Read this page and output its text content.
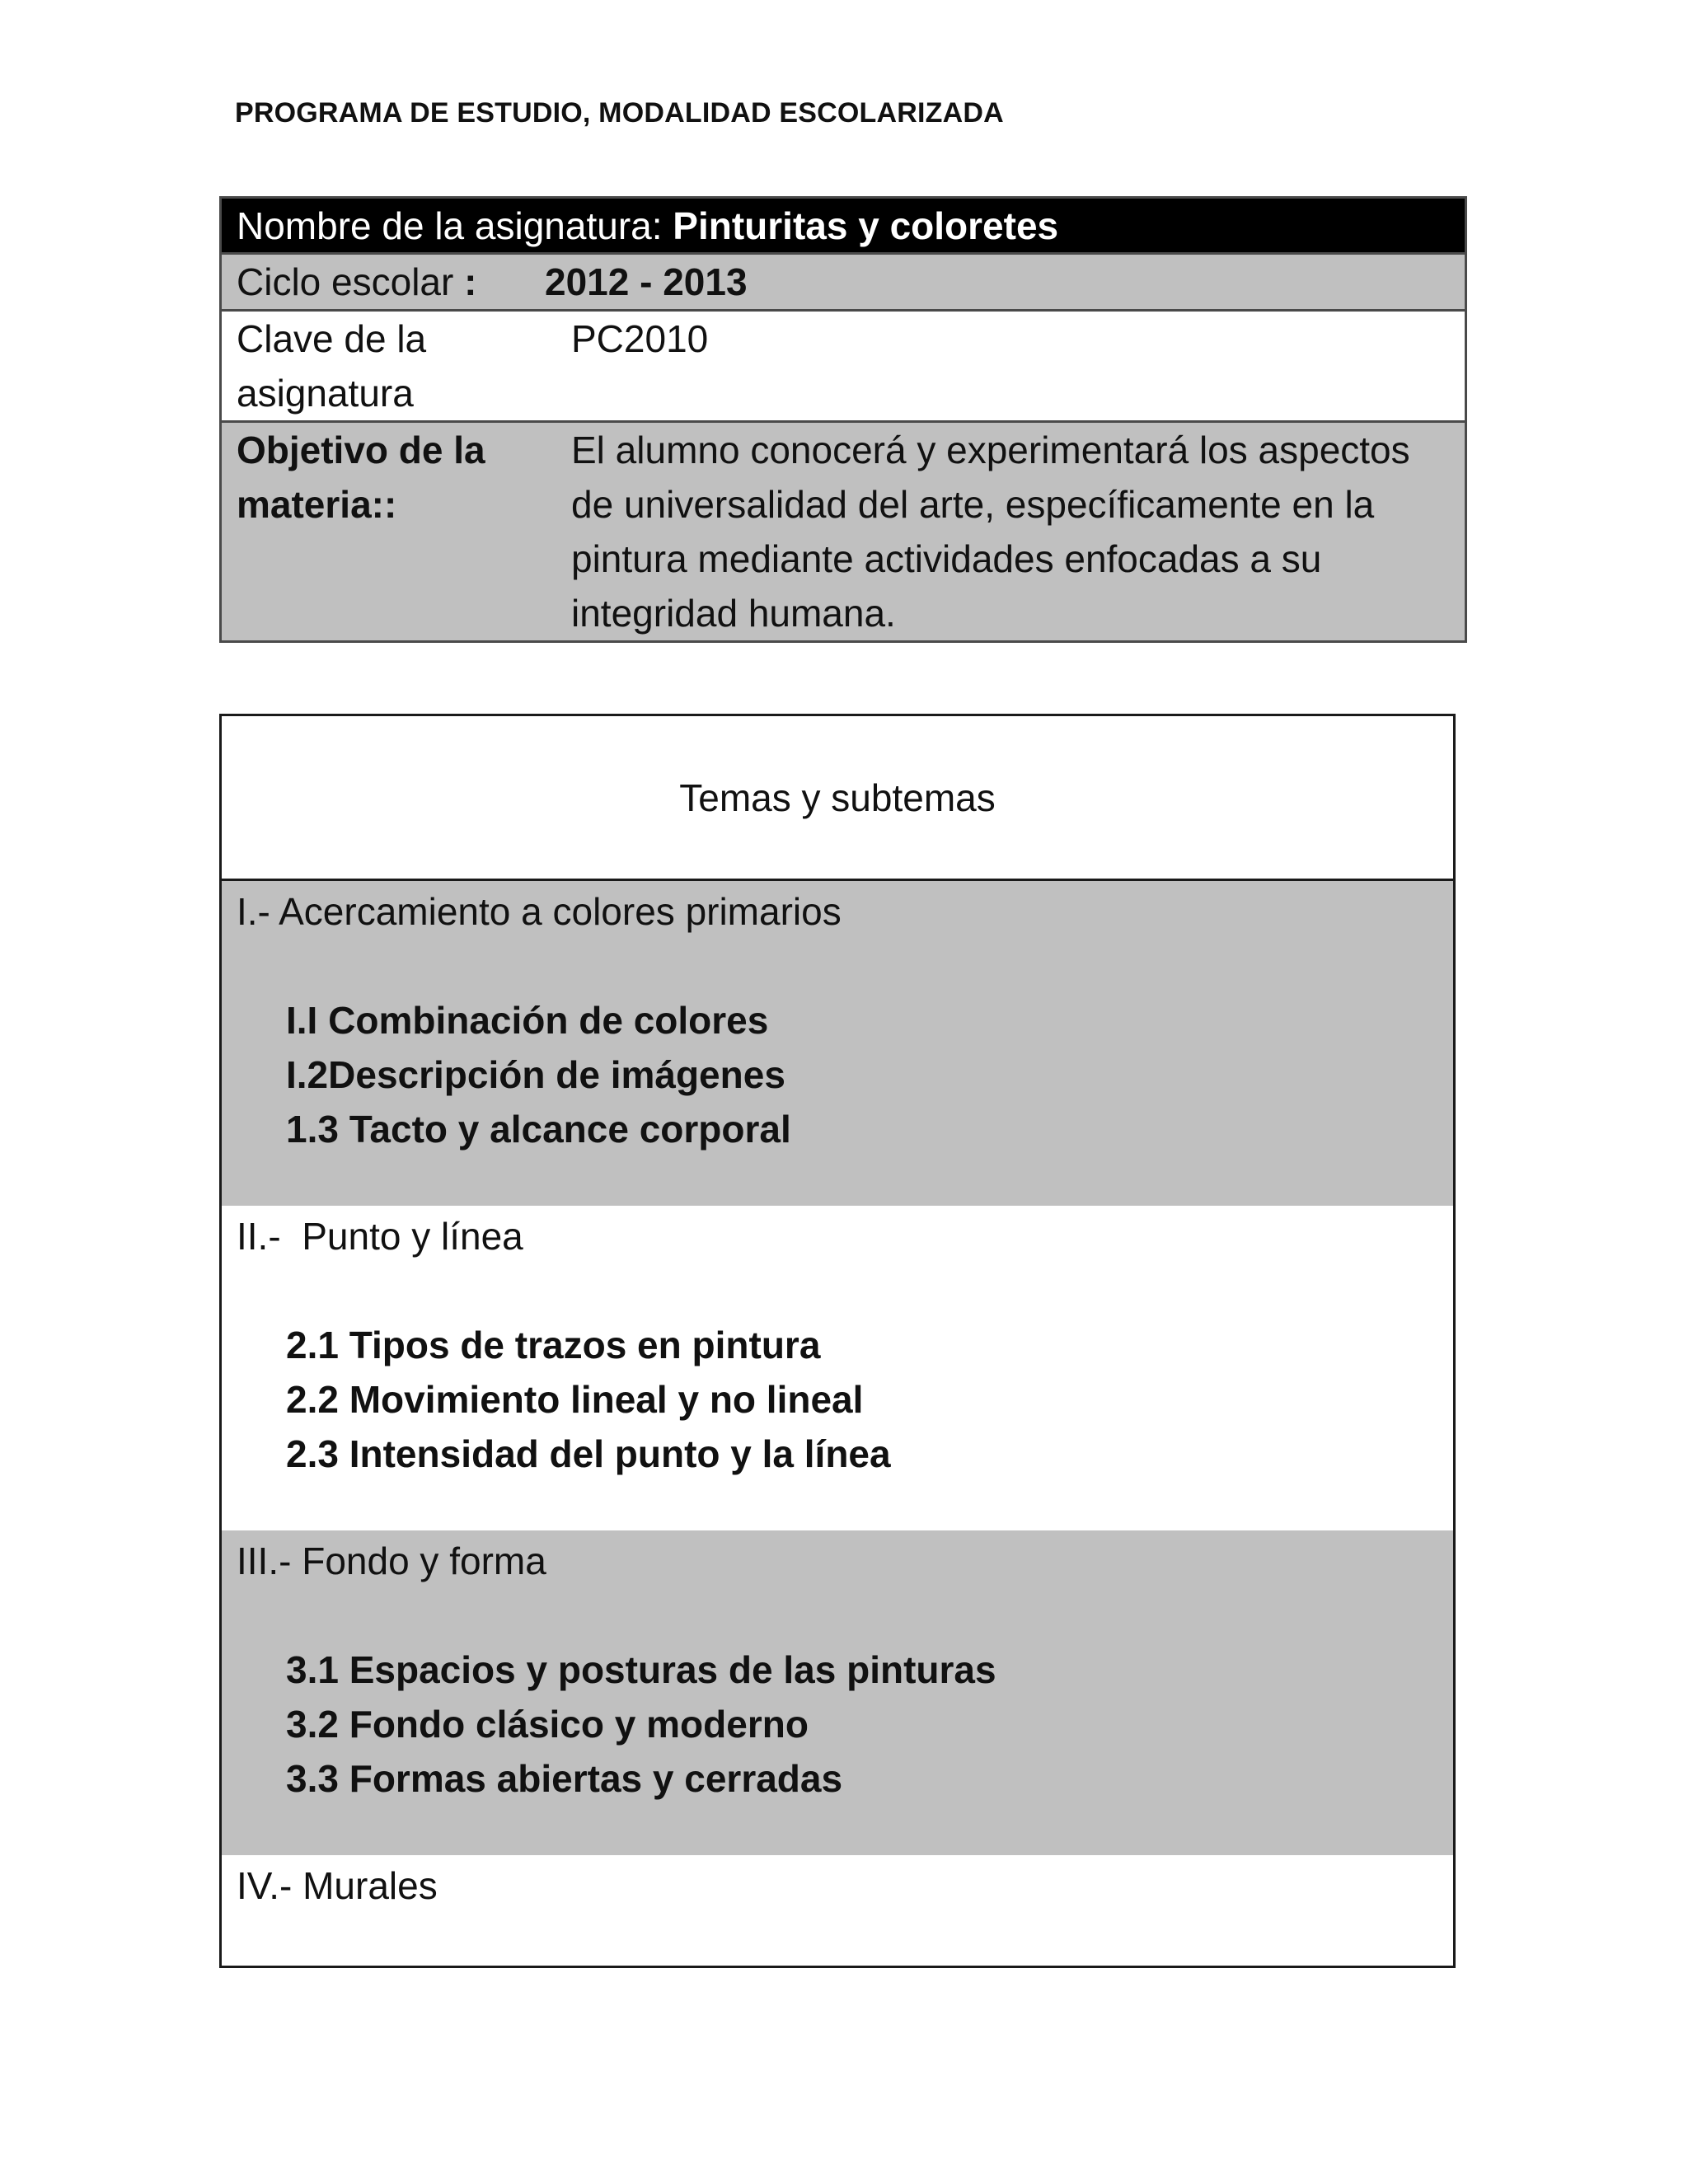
PROGRAMA DE ESTUDIO, MODALIDAD ESCOLARIZADA
Nombre de la asignatura: Pinturitas y coloretes
Ciclo escolar :	2012 - 2013
Clave de la asignatura
PC2010
Objetivo de la materia::
El alumno conocerá y experimentará los aspectos de universalidad del arte, específicamente en la pintura mediante actividades enfocadas a su integridad humana.
Temas y subtemas
I.- Acercamiento a colores primarios
I.I Combinación de colores
I.2Descripción de imágenes
1.3 Tacto y alcance corporal
II.-  Punto y línea
2.1 Tipos de trazos en pintura
2.2 Movimiento lineal y no lineal
2.3 Intensidad del punto y la línea
III.- Fondo y forma
3.1 Espacios y posturas de las pinturas
3.2 Fondo clásico y moderno
3.3 Formas abiertas y cerradas
IV.- Murales
